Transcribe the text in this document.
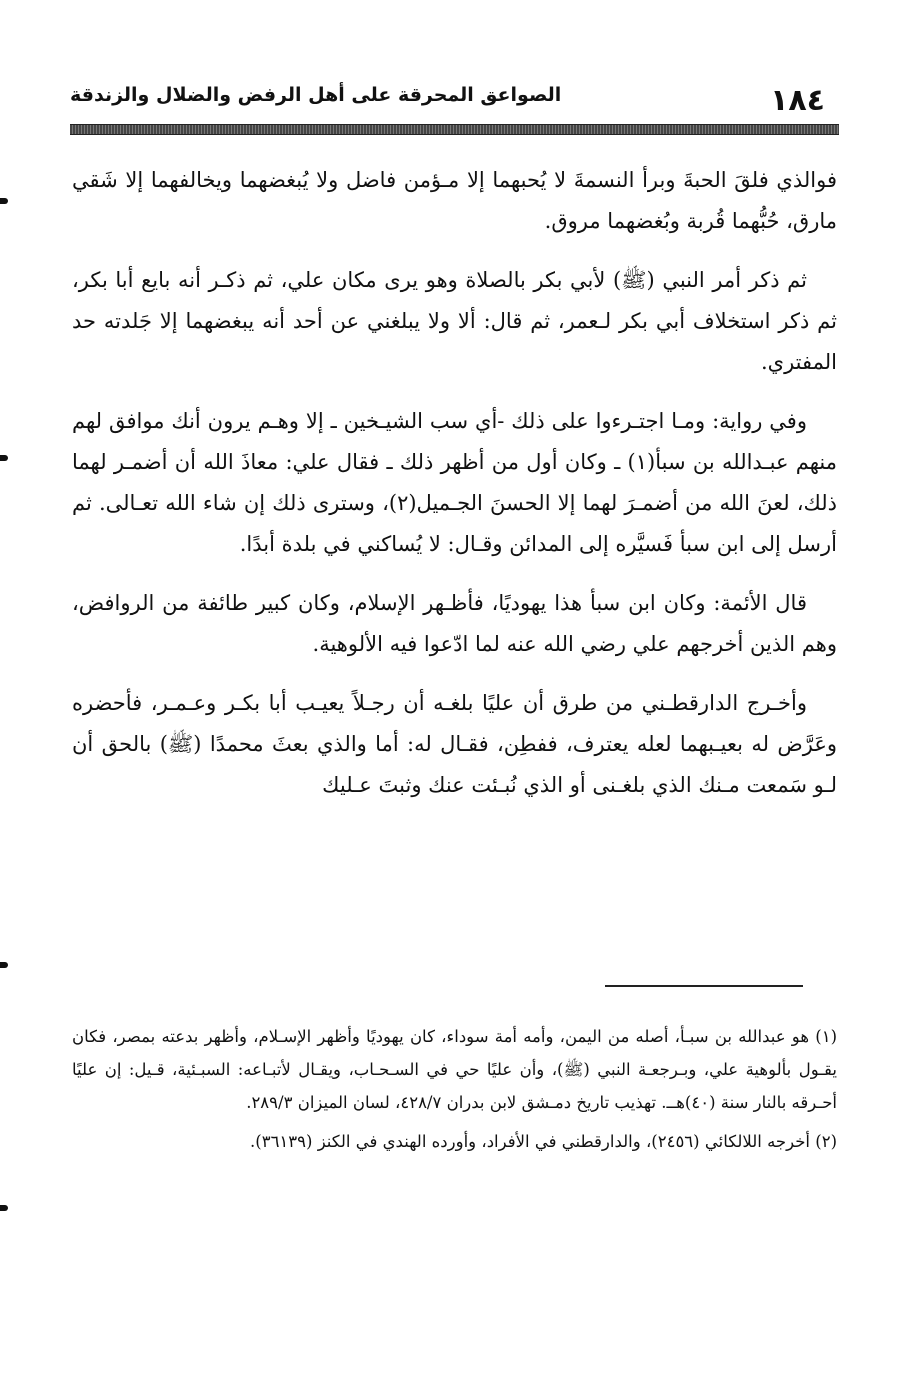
١٨٤
الصواعق المحرقة على أهل الرفض والضلال والزندقة

فوالذي فلقَ الحبةَ وبرأ النسمةَ لا يُحبهما إلا مـؤمن فاضل ولا يُبغضهما ويخالفهما إلا شَقي مارق، حُبُّهما قُربة وبُغضهما مروق.

ثم ذكر أمر النبي (ﷺ) لأبي بكر بالصلاة وهو يرى مكان علي، ثم ذكـر أنه بايع أبا بكر، ثم ذكر استخلاف أبي بكر لـعمر، ثم قال: ألا ولا يبلغني عن أحد أنه يبغضهما إلا جَلدته حد المفتري.

وفي رواية: ومـا اجتـرءوا على ذلك -أي سب الشيـخين ـ إلا وهـم يرون أنك موافق لهم منهم عبـدالله بن سبأ(١) ـ وكان أول من أظهر ذلك ـ فقال علي: معاذَ الله أن أضمـر لهما ذلك، لعنَ الله من أضمـرَ لهما إلا الحسنَ الجـميل(٢)، وسترى ذلك إن شاء الله تعـالى. ثم أرسل إلى ابن سبأ فَسيَّره إلى المدائن وقـال: لا يُساكني في بلدة أبدًا.

قال الأئمة: وكان ابن سبأ هذا يهوديًا، فأظـهر الإسلام، وكان كبير طائفة من الروافض، وهم الذين أخرجهم علي رضي الله عنه لما ادّعوا فيه الألوهية.

وأخـرج الدارقطـني من طرق أن عليًا بلغـه أن رجـلاً يعيـب أبا بكـر وعـمـر، فأحضره وعَرَّض له بعيـبهما لعله يعترف، ففطِن، فقـال له: أما والذي بعثَ محمدًا (ﷺ) بالحق أن لـو سَمعت مـنك الذي بلغـنى أو الذي نُبـئت عنك وثبتَ عـليك

(١) هو عبدالله بن سبـأ، أصله من اليمن، وأمه أمة سوداء، كان يهوديًا وأظهر الإسـلام، وأظهر بدعته بمصر، فكان يقـول بألوهية علي، وبـرجعـة النبي (ﷺ)، وأن عليًا حي في السـحـاب، ويقـال لأتبـاعه: السبـئية، قـيل: إن عليًا أحـرقه بالنار سنة (٤٠)هــ. تهذيب تاريخ دمـشق لابن بدران ٤٢٨/٧، لسان الميزان ٢٨٩/٣.

(٢) أخرجه اللالكائي (٢٤٥٦)، والدارقطني في الأفراد، وأورده الهندي في الكنز (٣٦١٣٩).
